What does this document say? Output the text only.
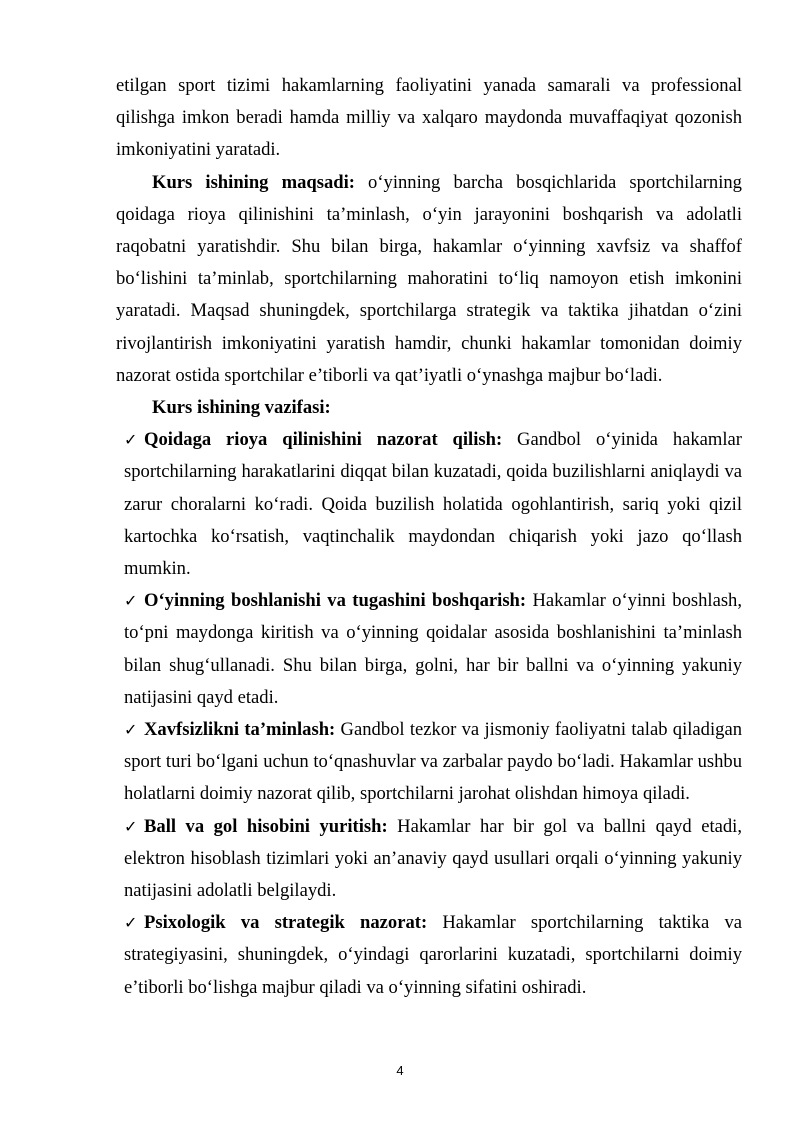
etilgan sport tizimi hakamlarning faoliyatini yanada samarali va professional qilishga imkon beradi hamda milliy va xalqaro maydonda muvaffaqiyat qozonish imkoniyatini yaratadi.

Kurs ishining maqsadi: o‘yinning barcha bosqichlarida sportchilarning qoidaga rioya qilinishini ta’minlash, o‘yin jarayonini boshqarish va adolatli raqobatni yaratishdir. Shu bilan birga, hakamlar o‘yinning xavfsiz va shaffof bo‘lishini ta’minlab, sportchilarning mahoratini to‘liq namoyon etish imkonini yaratadi. Maqsad shuningdek, sportchilarga strategik va taktika jihatdan o‘zini rivojlantirish imkoniyatini yaratish hamdir, chunki hakamlar tomonidan doimiy nazorat ostida sportchilar e’tiborli va qat’iyatli o‘ynashga majbur bo‘ladi.

Kurs ishining vazifasi:

✓ Qoidaga rioya qilinishini nazorat qilish: Gandbol o‘yinida hakamlar sportchilarning harakatlarini diqqat bilan kuzatadi, qoida buzilishlarni aniqlaydi va zarur choralarni ko‘radi. Qoida buzilish holatida ogohlantirish, sariq yoki qizil kartochka ko‘rsatish, vaqtinchalik maydondan chiqarish yoki jazo qo‘llash mumkin.

✓ O‘yinning boshlanishi va tugashini boshqarish: Hakamlar o‘yinni boshlash, to‘pni maydonga kiritish va o‘yinning qoidalar asosida boshlanishini ta’minlash bilan shug‘ullanadi. Shu bilan birga, golni, har bir ballni va o‘yinning yakuniy natijasini qayd etadi.

✓ Xavfsizlikni ta’minlash: Gandbol tezkor va jismoniy faoliyatni talab qiladigan sport turi bo‘lgani uchun to‘qnashuvlar va zarbalar paydo bo‘ladi. Hakamlar ushbu holatlarni doimiy nazorat qilib, sportchilarni jarohat olishdan himoya qiladi.

✓ Ball va gol hisobini yuritish: Hakamlar har bir gol va ballni qayd etadi, elektron hisoblash tizimlari yoki an’anaviy qayd usullari orqali o‘yinning yakuniy natijasini adolatli belgilaydi.

✓ Psixologik va strategik nazorat: Hakamlar sportchilarning taktika va strategiyasini, shuningdek, o‘yindagi qarorlarini kuzatadi, sportchilarni doimiy e’tiborli bo‘lishga majbur qiladi va o‘yinning sifatini oshiradi.

4
